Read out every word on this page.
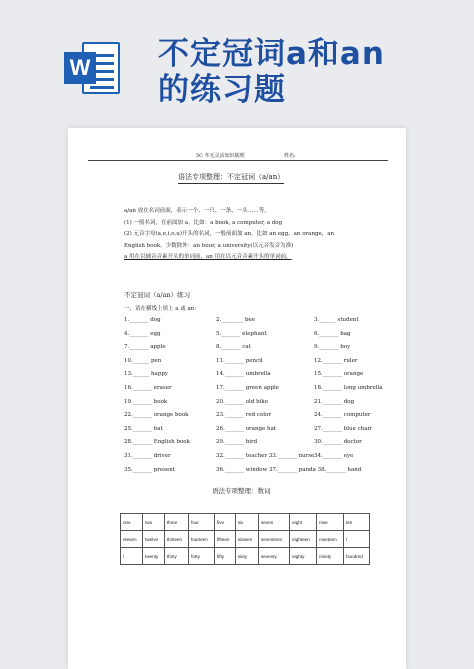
W 不定冠词a和an
的练习题
5C 冬无灵活知识梳理	姓名:
语法专项整理：不定冠词（a/an）

a/an 放在名词前面，表示一个、一只、一条、一头……等。

(1) 一般名词，在前面加 a。比如：a book, a computer, a dog

(2) 元音字母(a,e,i,o,u)开头的名词，一般前面加 an。比如 an egg，an orange，an

English book。少数除外：an hour, a university(以元音发音为准)

a 用在以辅音音素开头的单词前，an 用在以元音音素开头的单词前。

不定冠词（a/an）练习
一、请在横线上填上 a 或 an：
1._______ dog	2.________ bee	3.______ student
4._______ egg	5._______ elephant	6._______ bag
7._______ apple	8._______ cat	9._______ boy
10.______ pen	11._______ pencil	12._______ ruler
13.______ happy	14._______ umbrella	15._______ orange
16._______ eraser	17._______ green apple	18._______ long umbrella
19._______ book	20._______ old bike	21._______ dog
22._______ orange book	23._______ red color	24._______ computer
25._______ hat	26._______ orange hat	27._______ blue chair
28._______ English book	29._______ bird	30._______ doctor
31._______ driver	32._______ teacher 33._______ nurse 34._______ eye
35._______ present	36._______ window 37._______ panda 38._______ hand
语法专项整理：数词
one	two	three	four	five	six	seven	eight	nine	ten
eleven	twelve	thirteen	fourteen	fifteen	sixteen	seventeen	eighteen	nineteen	/
/	twenty	thirty	forty	fifty	sixty	seventy	eighty	ninety	hundred
